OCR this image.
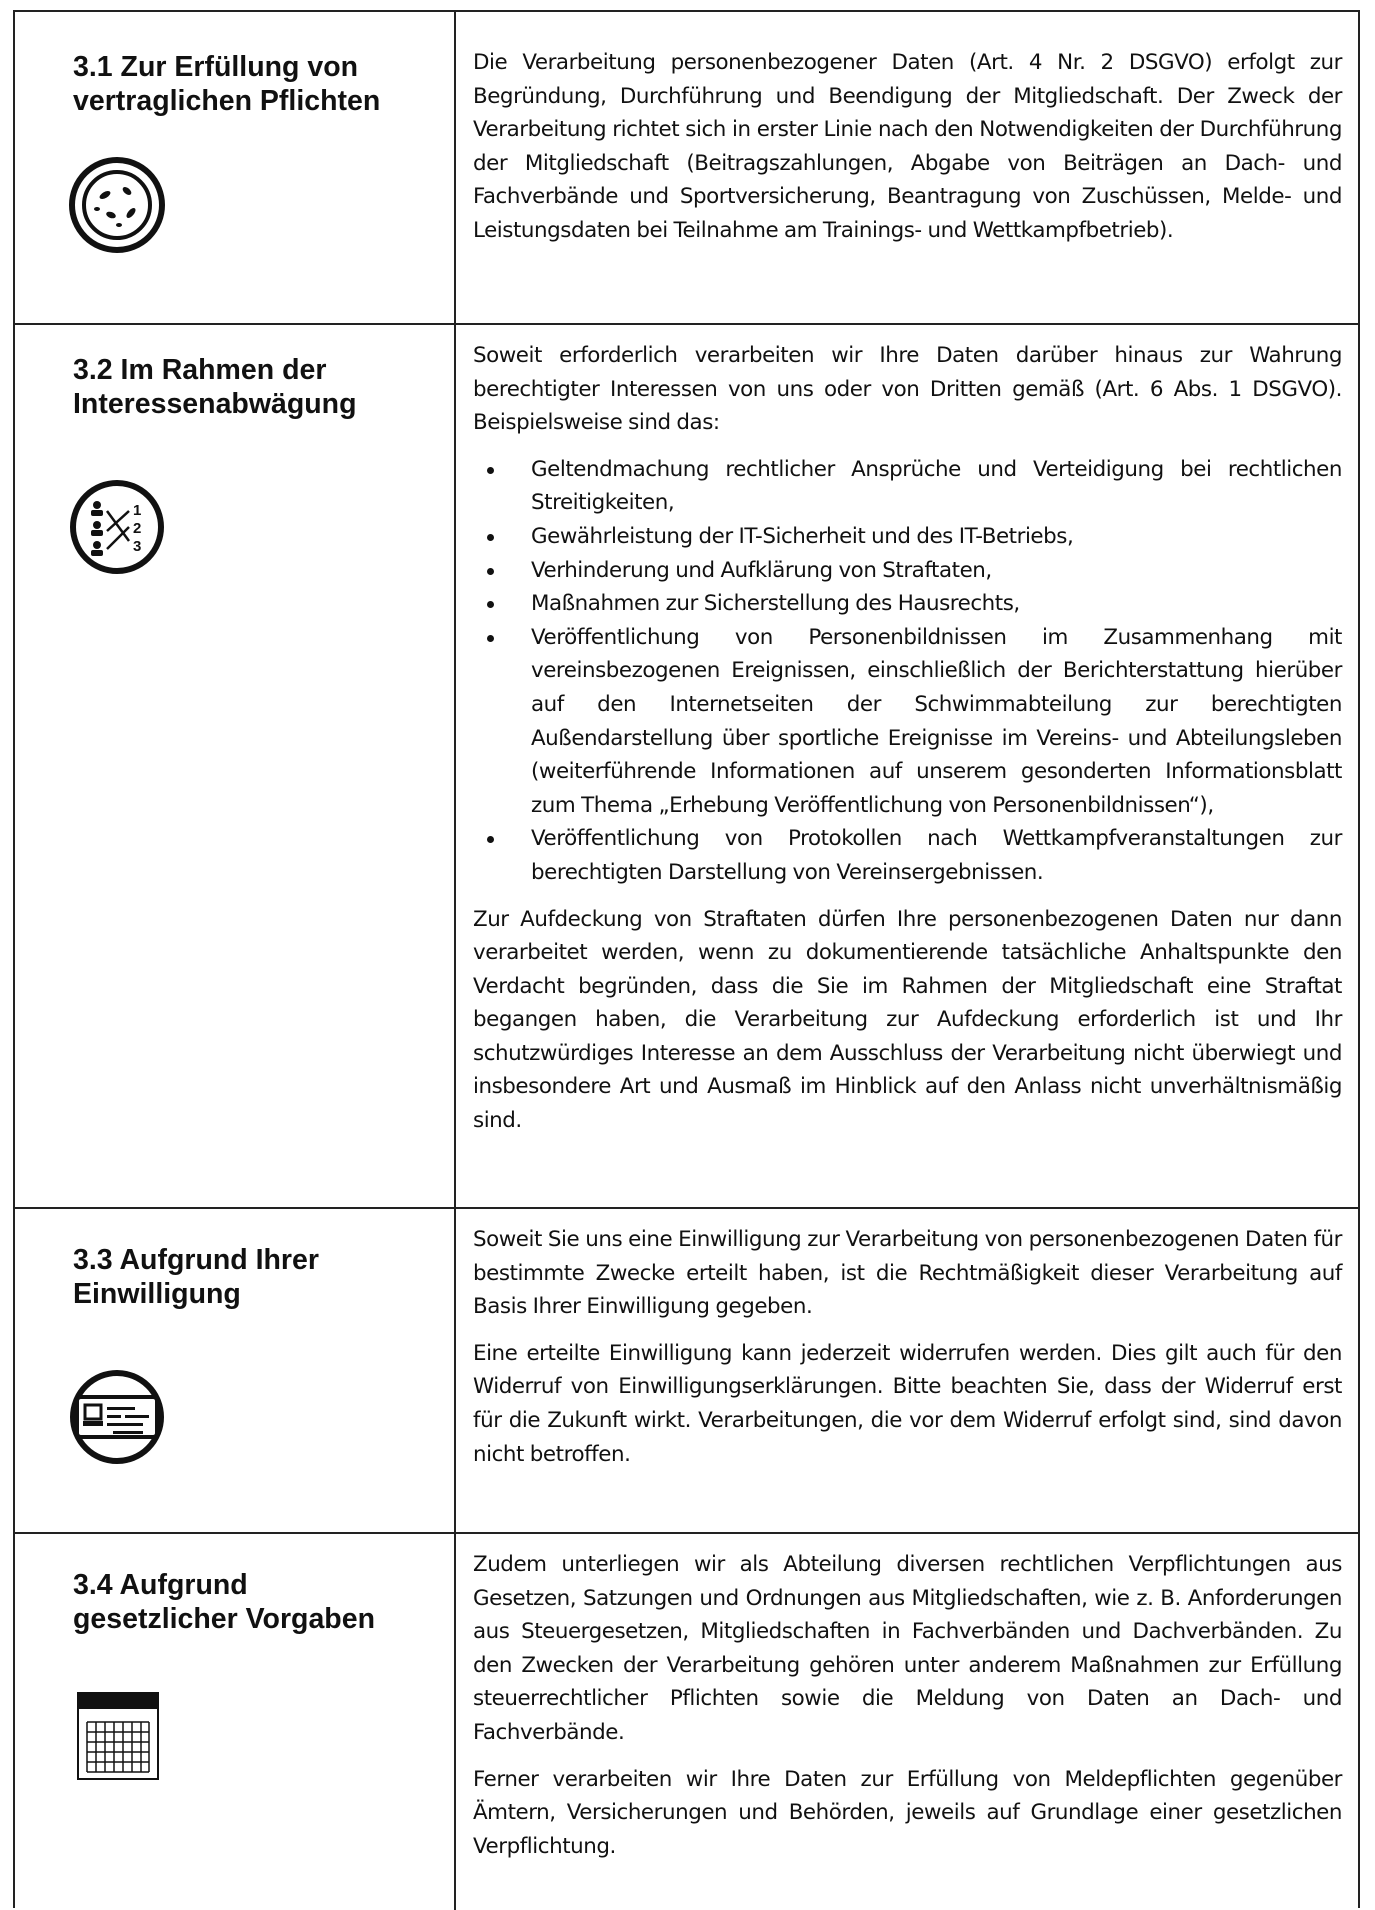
3.1 Zur Erfüllung von
vertraglichen Pflichten

Die Verarbeitung personenbezogener Daten (Art. 4 Nr. 2 DSGVO) erfolgt zur Begründung, Durchführung und Beendigung der Mitgliedschaft. Der Zweck der Verarbeitung richtet sich in erster Linie nach den Notwendigkeiten der Durchführung der Mitgliedschaft (Beitragszahlungen, Abgabe von Beiträgen an Dach- und Fachverbände und Sportversicherung, Beantragung von Zuschüssen, Melde- und Leistungsdaten bei Teilnahme am Trainings- und Wettkampfbetrieb).

3.2 Im Rahmen der
Interessenabwägung
1
2
3

Soweit erforderlich verarbeiten wir Ihre Daten darüber hinaus zur Wahrung berechtigter Interessen von uns oder von Dritten gemäß (Art. 6 Abs. 1 DSGVO). Beispielsweise sind das:

Geltendmachung rechtlicher Ansprüche und Verteidigung bei rechtlichen Streitigkeiten,
Gewährleistung der IT-Sicherheit und des IT-Betriebs,
Verhinderung und Aufklärung von Straftaten,
Maßnahmen zur Sicherstellung des Hausrechts,
Veröffentlichung von Personenbildnissen im Zusammenhang mit vereinsbezogenen Ereignissen, einschließlich der Berichterstattung hierüber auf den Internetseiten der Schwimmabteilung zur berechtigten Außendarstellung über sportliche Ereignisse im Vereins- und Abteilungsleben (weiterführende Informationen auf unserem gesonderten Informationsblatt zum Thema „Erhebung Veröffentlichung von Personenbildnissen“),
Veröffentlichung von Protokollen nach Wettkampfveranstaltungen zur berechtigten Darstellung von Vereinsergebnissen.

Zur Aufdeckung von Straftaten dürfen Ihre personenbezogenen Daten nur dann verarbeitet werden, wenn zu dokumentierende tatsächliche Anhaltspunkte den Verdacht begründen, dass die Sie im Rahmen der Mitgliedschaft eine Straftat begangen haben, die Verarbeitung zur Aufdeckung erforderlich ist und Ihr schutzwürdiges Interesse an dem Ausschluss der Verarbeitung nicht überwiegt und insbesondere Art und Ausmaß im Hinblick auf den Anlass nicht unverhältnismäßig sind.

3.3 Aufgrund Ihrer
Einwilligung

Soweit Sie uns eine Einwilligung zur Verarbeitung von personenbezogenen Daten für bestimmte Zwecke erteilt haben, ist die Rechtmäßigkeit dieser Verarbeitung auf Basis Ihrer Einwilligung gegeben.

Eine erteilte Einwilligung kann jederzeit widerrufen werden. Dies gilt auch für den Widerruf von Einwilligungserklärungen. Bitte beachten Sie, dass der Widerruf erst für die Zukunft wirkt. Verarbeitungen, die vor dem Widerruf erfolgt sind, sind davon nicht betroffen.

3.4 Aufgrund
gesetzlicher Vorgaben

Zudem unterliegen wir als Abteilung diversen rechtlichen Verpflichtungen aus Gesetzen, Satzungen und Ordnungen aus Mitgliedschaften, wie z. B. Anforderungen aus Steuergesetzen, Mitgliedschaften in Fachverbänden und Dachverbänden. Zu den Zwecken der Verarbeitung gehören unter anderem Maßnahmen zur Erfüllung steuerrechtlicher Pflichten sowie die Meldung von Daten an Dach- und Fachverbände.

Ferner verarbeiten wir Ihre Daten zur Erfüllung von Meldepflichten gegenüber Ämtern, Versicherungen und Behörden, jeweils auf Grundlage einer gesetzlichen Verpflichtung.
